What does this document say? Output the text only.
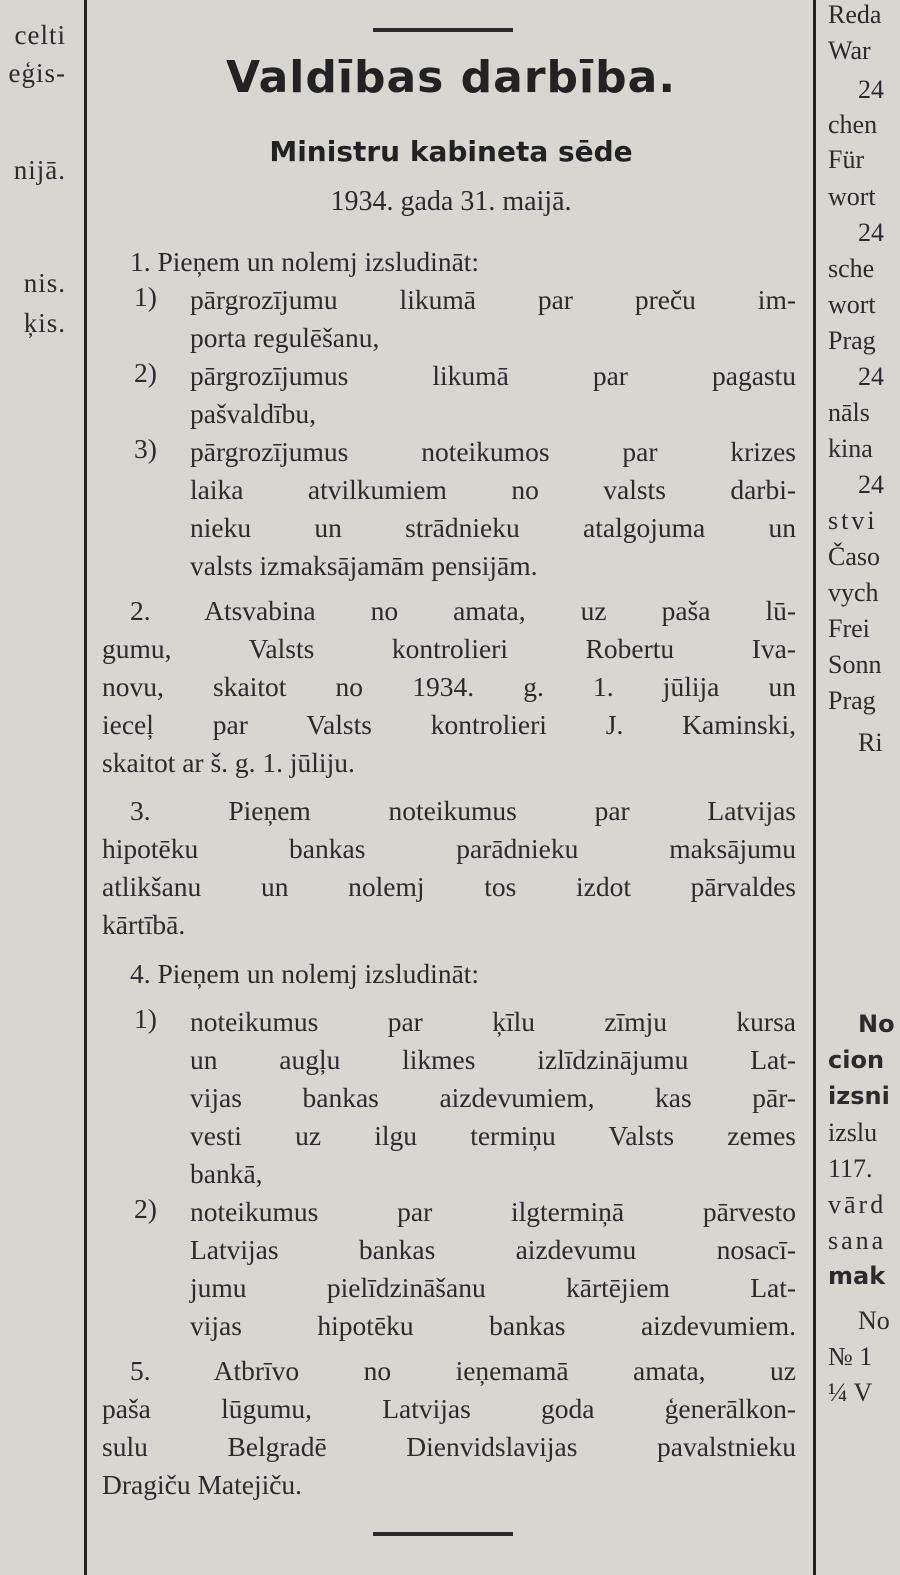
celti
eģis-
nijā.
nis.
ķis.
Valdības darbība.
Ministru kabineta sēde
1934. gada 31. maijā.
1. Pieņem un nolemj izsludināt:
1) pārgrozījumu likumā par preču im-
porta regulēšanu,
2) pārgrozījumus likumā par pagastu
pašvaldību,
3) pārgrozījumus noteikumos par krizes
laika atvilkumiem no valsts darbi-
nieku un strādnieku atalgojuma un
valsts izmaksājamām pensijām.
2. Atsvabina no amata, uz paša lū-
gumu, Valsts kontrolieri Robertu Iva-
novu, skaitot no 1934. g. 1. jūlija un
ieceļ par Valsts kontrolieri J. Kaminski,
skaitot ar š. g. 1. jūliju.
3. Pieņem noteikumus par Latvijas
hipotēku bankas parādnieku maksājumu
atlikšanu un nolemj tos izdot pārvaldes
kārtībā.
4. Pieņem un nolemj izsludināt:
1) noteikumus par ķīlu zīmju kursa
un augļu likmes izlīdzinājumu Lat-
vijas bankas aizdevumiem, kas pār-
vesti uz ilgu termiņu Valsts zemes
bankā,
2) noteikumus par ilgtermiņā pārvesto
Latvijas bankas aizdevumu nosacī-
jumu pielīdzināšanu kārtējiem Lat-
vijas hipotēku bankas aizdevumiem.
5. Atbrīvo no ieņemamā amata, uz
paša lūgumu, Latvijas goda ģenerālkon-
sulu Belgradē Dienvidslavijas pavalstnieku
Dragiču Matejiču.
Reda
War
24
chen
Für
wort
24
sche
wort
Prag
24
nāls
kina
24
stvi
Časo
vych
Frei
Sonn
Prag
Ri
No
cion
izsni
izslu
117.
vārd
sana
mak
No
№ 1
¼ V
